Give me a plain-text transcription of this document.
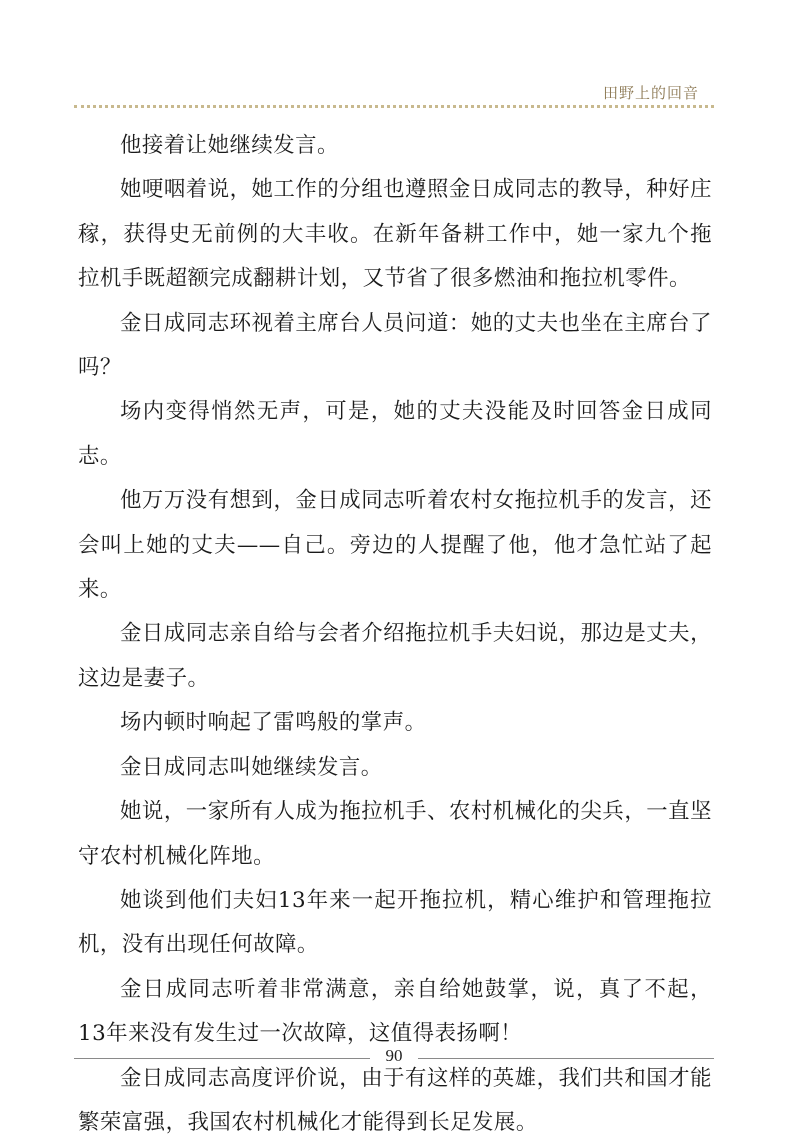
田野上的回音

他接着让她继续发言。

她哽咽着说，她工作的分组也遵照金日成同志的教导，种好庄稼，获得史无前例的大丰收。在新年备耕工作中，她一家九个拖拉机手既超额完成翻耕计划，又节省了很多燃油和拖拉机零件。

金日成同志环视着主席台人员问道：她的丈夫也坐在主席台了吗？

场内变得悄然无声，可是，她的丈夫没能及时回答金日成同志。

他万万没有想到，金日成同志听着农村女拖拉机手的发言，还会叫上她的丈夫——自己。旁边的人提醒了他，他才急忙站了起来。

金日成同志亲自给与会者介绍拖拉机手夫妇说，那边是丈夫，这边是妻子。

场内顿时响起了雷鸣般的掌声。

金日成同志叫她继续发言。

她说，一家所有人成为拖拉机手、农村机械化的尖兵，一直坚守农村机械化阵地。

她谈到他们夫妇13年来一起开拖拉机，精心维护和管理拖拉机，没有出现任何故障。

金日成同志听着非常满意，亲自给她鼓掌，说，真了不起，13年来没有发生过一次故障，这值得表扬啊！

金日成同志高度评价说，由于有这样的英雄，我们共和国才能繁荣富强，我国农村机械化才能得到长足发展。

90
